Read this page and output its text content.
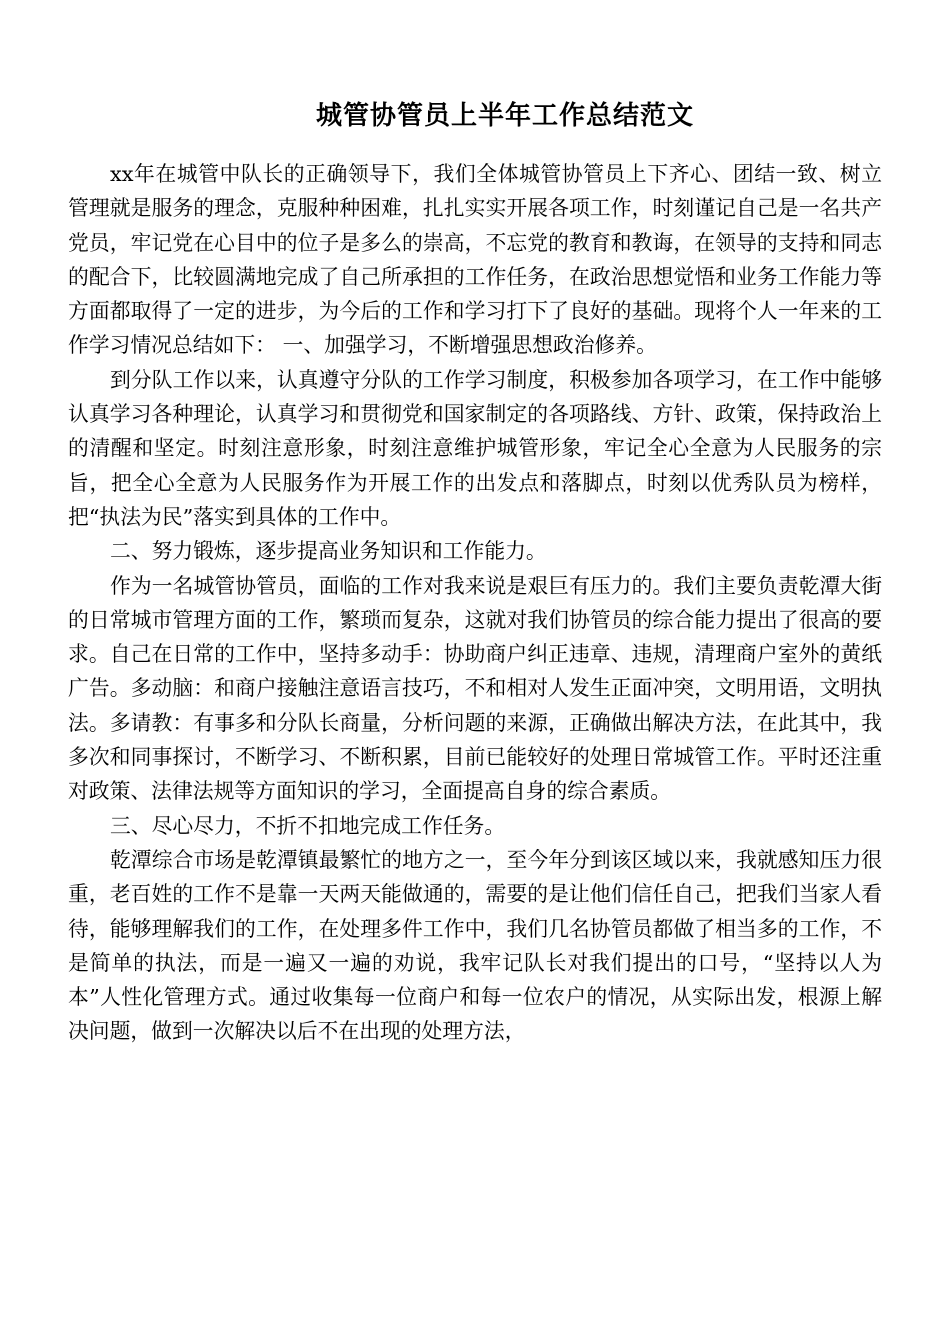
城管协管员上半年工作总结范文

xx年在城管中队长的正确领导下，我们全体城管协管员上下齐心、团结一致、树立管理就是服务的理念，克服种种困难，扎扎实实开展各项工作，时刻谨记自己是一名共产党员，牢记党在心目中的位子是多么的崇高，不忘党的教育和教诲，在领导的支持和同志的配合下，比较圆满地完成了自己所承担的工作任务，在政治思想觉悟和业务工作能力等方面都取得了一定的进步，为今后的工作和学习打下了良好的基础。现将个人一年来的工作学习情况总结如下： 一、加强学习，不断增强思想政治修养。

到分队工作以来，认真遵守分队的工作学习制度，积极参加各项学习，在工作中能够认真学习各种理论，认真学习和贯彻党和国家制定的各项路线、方针、政策，保持政治上的清醒和坚定。时刻注意形象，时刻注意维护城管形象，牢记全心全意为人民服务的宗旨，把全心全意为人民服务作为开展工作的出发点和落脚点，时刻以优秀队员为榜样，把“执法为民”落实到具体的工作中。

二、努力锻炼，逐步提高业务知识和工作能力。

作为一名城管协管员，面临的工作对我来说是艰巨有压力的。我们主要负责乾潭大街的日常城市管理方面的工作，繁琐而复杂，这就对我们协管员的综合能力提出了很高的要求。自己在日常的工作中，坚持多动手：协助商户纠正违章、违规，清理商户室外的黄纸广告。多动脑：和商户接触注意语言技巧，不和相对人发生正面冲突，文明用语，文明执法。多请教：有事多和分队长商量，分析问题的来源，正确做出解决方法，在此其中，我多次和同事探讨，不断学习、不断积累，目前已能较好的处理日常城管工作。平时还注重对政策、法律法规等方面知识的学习，全面提高自身的综合素质。

三、尽心尽力，不折不扣地完成工作任务。

乾潭综合市场是乾潭镇最繁忙的地方之一，至今年分到该区域以来，我就感知压力很重，老百姓的工作不是靠一天两天能做通的，需要的是让他们信任自己，把我们当家人看待，能够理解我们的工作，在处理多件工作中，我们几名协管员都做了相当多的工作，不是简单的执法，而是一遍又一遍的劝说，我牢记队长对我们提出的口号，“坚持以人为本”人性化管理方式。通过收集每一位商户和每一位农户的情况，从实际出发，根源上解决问题，做到一次解决以后不在出现的处理方法，
